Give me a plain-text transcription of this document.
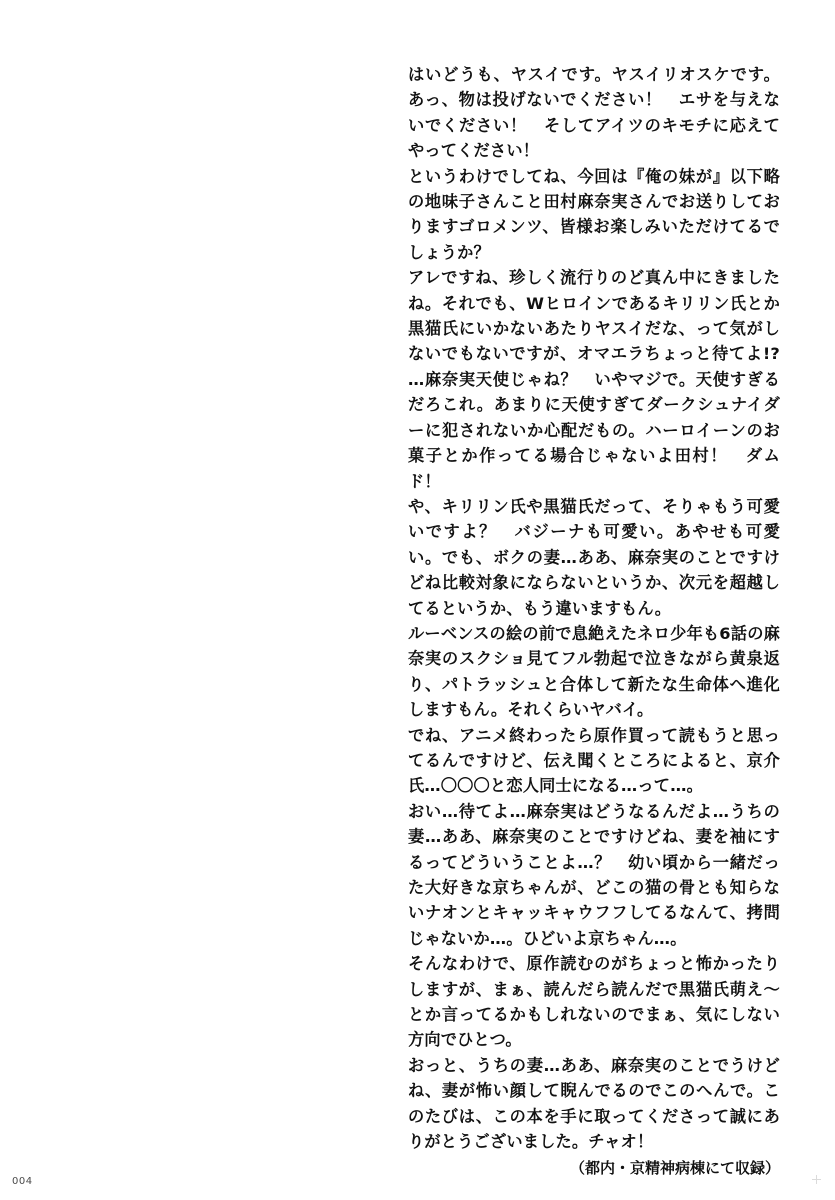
はいどうも、ヤスイです。ヤスイリオスケです。あっ、物は投げないでください！　エサを与えないでください！　そしてアイツのキモチに応えてやってください！

というわけでしてね、今回は『俺の妹が』以下略の地味子さんこと田村麻奈実さんでお送りしておりますゴロメンツ、皆様お楽しみいただけてるでしょうか？

アレですね、珍しく流行りのど真ん中にきましたね。それでも、Wヒロインであるキリリン氏とか黒猫氏にいかないあたりヤスイだな、って気がしないでもないですが、オマエラちょっと待てよ!?　…麻奈実天使じゃね？　いやマジで。天使すぎるだろこれ。あまりに天使すぎてダークシュナイダーに犯されないか心配だもの。ハーロイーンのお菓子とか作ってる場合じゃないよ田村！　ダムド！

や、キリリン氏や黒猫氏だって、そりゃもう可愛いですよ？　バジーナも可愛い。あやせも可愛い。でも、ボクの妻…ああ、麻奈実のことですけどね比較対象にならないというか、次元を超越してるというか、もう違いますもん。

ルーベンスの絵の前で息絶えたネロ少年も6話の麻奈実のスクショ見てフル勃起で泣きながら黄泉返り、パトラッシュと合体して新たな生命体へ進化しますもん。それくらいヤバイ。

でね、アニメ終わったら原作買って読もうと思ってるんですけど、伝え聞くところによると、京介氏…〇〇〇と恋人同士になる…って…。

おい…待てよ…麻奈実はどうなるんだよ…うちの妻…ああ、麻奈実のことですけどね、妻を袖にするってどういうことよ…？　幼い頃から一緒だった大好きな京ちゃんが、どこの猫の骨とも知らないナオンとキャッキャウフフしてるなんて、拷問じゃないか…。ひどいよ京ちゃん…。

そんなわけで、原作読むのがちょっと怖かったりしますが、まぁ、読んだら読んだで黒猫氏萌え〜とか言ってるかもしれないのでまぁ、気にしない方向でひとつ。

おっと、うちの妻…ああ、麻奈実のことでうけどね、妻が怖い顔して睨んでるのでこのへんで。このたびは、この本を手に取ってくださって誠にありがとうございました。チャオ！

（都内・京精神病棟にて収録）

004
